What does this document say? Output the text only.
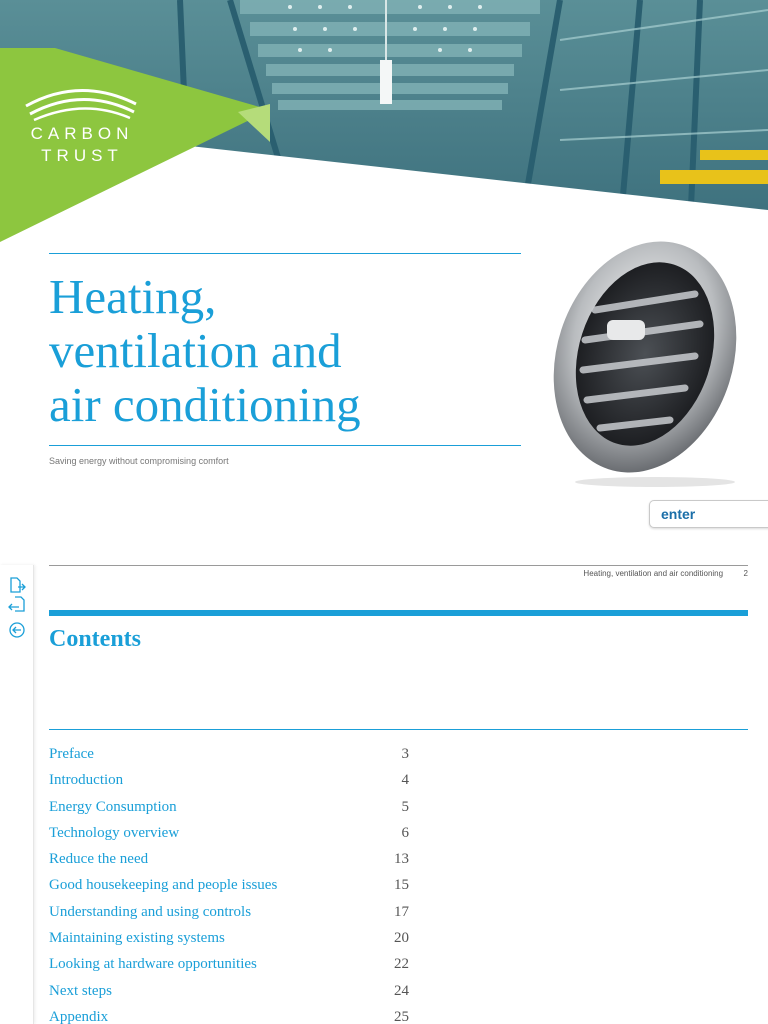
CARBON
TRUST
Heating,
ventilation and
air conditioning
Saving energy without compromising comfort
enter
Heating, ventilation and air conditioning	2
Contents
Preface	3
Introduction	4
Energy Consumption	5
Technology overview	6
Reduce the need	13
Good housekeeping and people issues	15
Understanding and using controls	17
Maintaining existing systems	20
Looking at hardware opportunities	22
Next steps	24
Appendix	25
